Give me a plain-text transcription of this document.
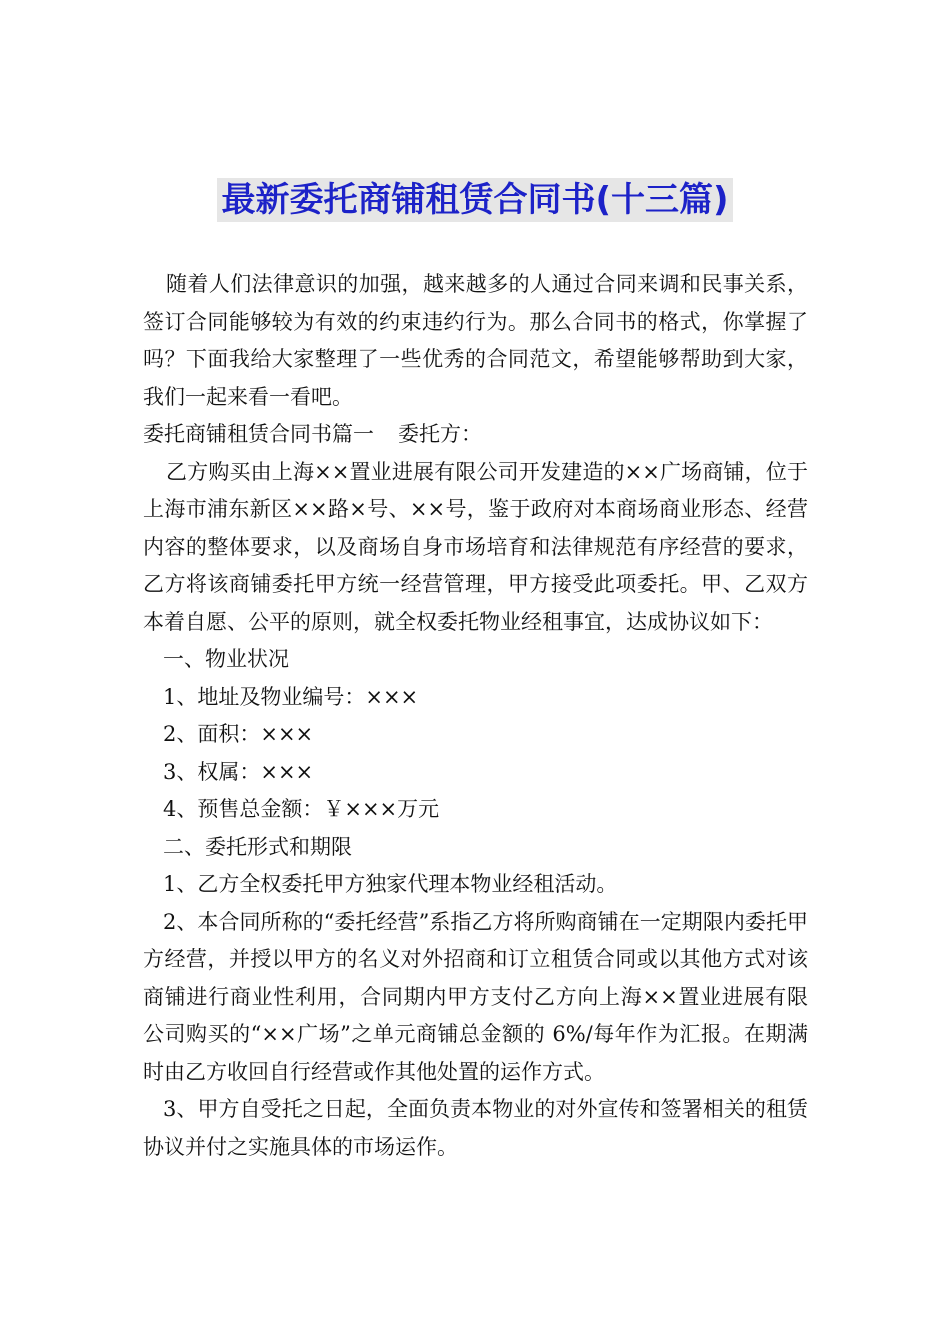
最新委托商铺租赁合同书(十三篇)

随着人们法律意识的加强，越来越多的人通过合同来调和民事关系，签订合同能够较为有效的约束违约行为。那么合同书的格式，你掌握了吗？下面我给大家整理了一些优秀的合同范文，希望能够帮助到大家，我们一起来看一看吧。

委托商铺租赁合同书篇一 委托方：

乙方购买由上海××置业进展有限公司开发建造的××广场商铺，位于上海市浦东新区××路×号、××号，鉴于政府对本商场商业形态、经营内容的整体要求，以及商场自身市场培育和法律规范有序经营的要求，乙方将该商铺委托甲方统一经营管理，甲方接受此项委托。甲、乙双方本着自愿、公平的原则，就全权委托物业经租事宜，达成协议如下：

一、物业状况

1、地址及物业编号：×××

2、面积：×××

3、权属：×××

4、预售总金额：￥×××万元

二、委托形式和期限

1、乙方全权委托甲方独家代理本物业经租活动。

2、本合同所称的“委托经营”系指乙方将所购商铺在一定期限内委托甲方经营，并授以甲方的名义对外招商和订立租赁合同或以其他方式对该商铺进行商业性利用，合同期内甲方支付乙方向上海××置业进展有限公司购买的“××广场”之单元商铺总金额的 6%/每年作为汇报。在期满时由乙方收回自行经营或作其他处置的运作方式。

3、甲方自受托之日起，全面负责本物业的对外宣传和签署相关的租赁协议并付之实施具体的市场运作。
